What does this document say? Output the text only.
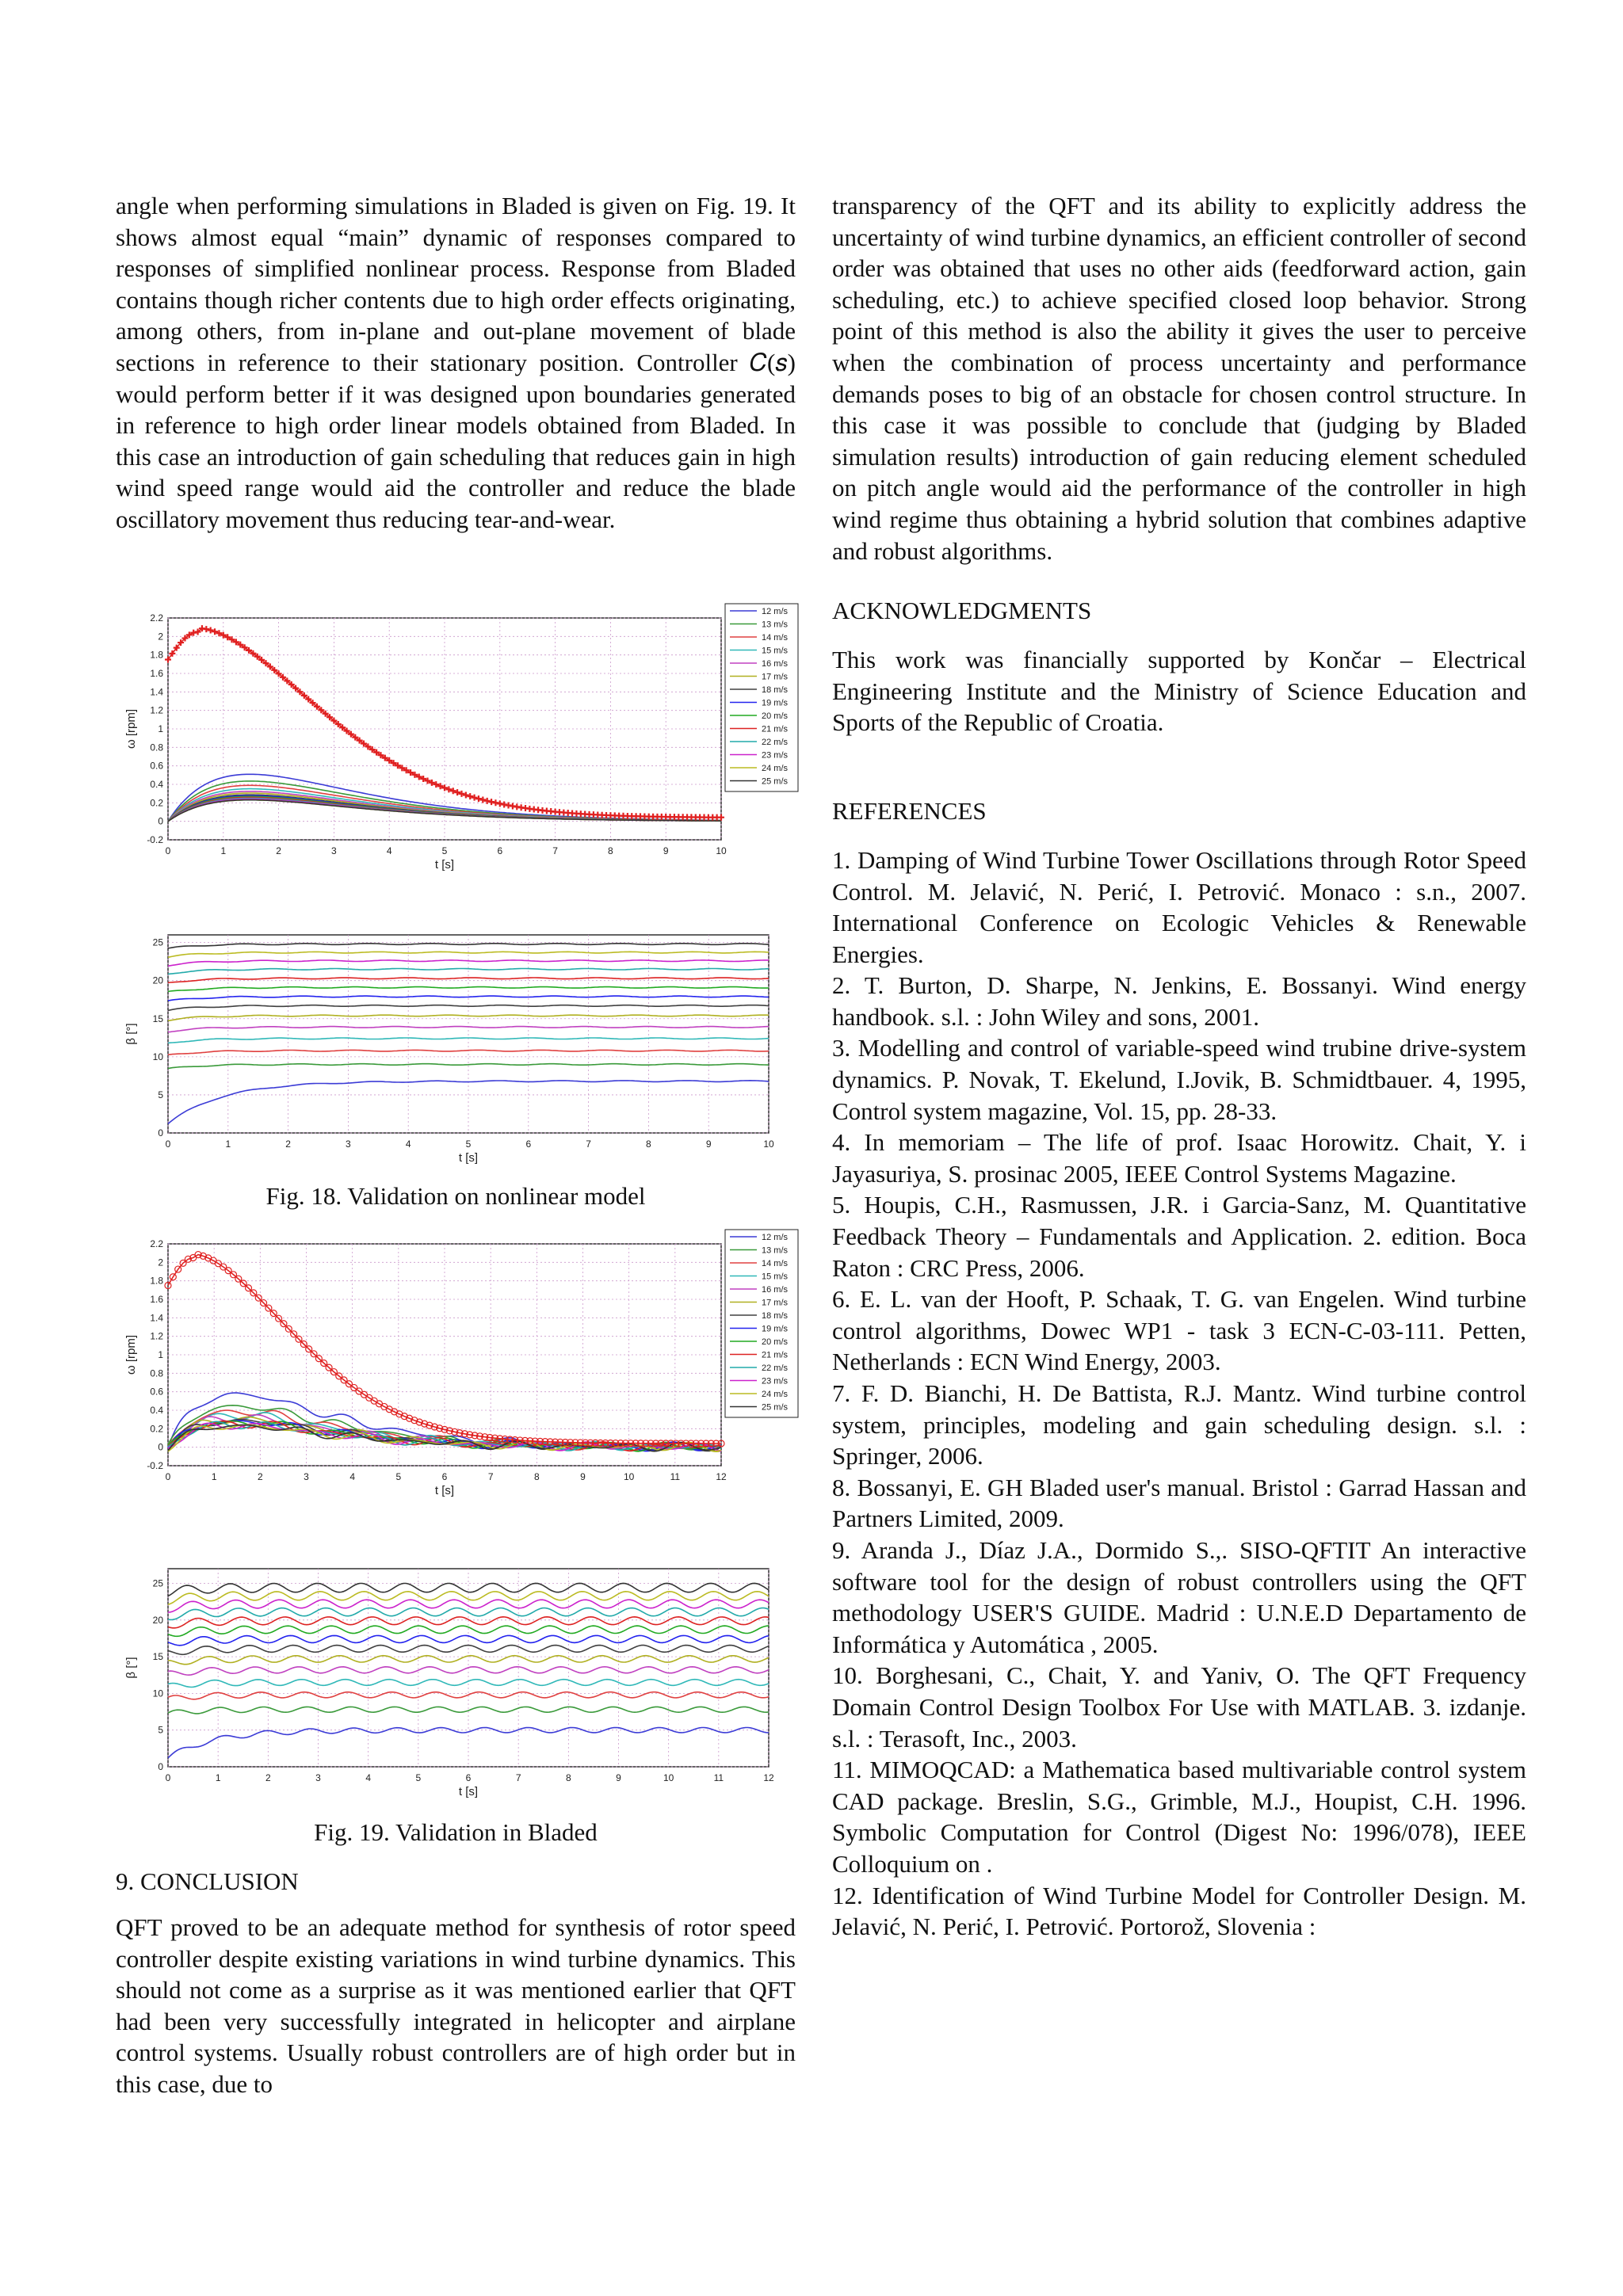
angle when performing simulations in Bladed is given on Fig. 19. It shows almost equal “main” dynamic of responses compared to responses of simplified nonlinear process. Response from Bladed contains though richer contents due to high order effects originating, among others, from in-plane and out-plane movement of blade sections in reference to their stationary position. Controller 𝐶(𝑠) would perform better if it was designed upon boundaries generated in reference to high order linear models obtained from Bladed. In this case an introduction of gain scheduling that reduces gain in high wind speed range would aid the controller and reduce the blade oscillatory movement thus reducing tear-and-wear.

0	1	2	3	4	5	6	7	8	9	10
-0.2
0
0.2
0.4
0.6
0.8
1
1.2
1.4
1.6
1.8
2
2.2
t [s]
ω [rpm]
12 m/s
13 m/s
14 m/s
15 m/s
16 m/s
17 m/s
18 m/s
19 m/s
20 m/s
21 m/s
22 m/s
23 m/s
24 m/s
25 m/s
0	1	2	3	4	5	6	7	8	9	10
0
5
10
15
20
25
t [s]
β [°]

Fig. 18. Validation on nonlinear model

0	1	2	3	4	5	6	7	8	9	10	11	12
-0.2
0
0.2
0.4
0.6
0.8
1
1.2
1.4
1.6
1.8
2
2.2
t [s]
ω [rpm]
12 m/s
13 m/s
14 m/s
15 m/s
16 m/s
17 m/s
18 m/s
19 m/s
20 m/s
21 m/s
22 m/s
23 m/s
24 m/s
25 m/s
0	1	2	3	4	5	6	7	8	9	10	11	12
0
5
10
15
20
25
t [s]
β [°]

Fig. 19. Validation in Bladed

9. CONCLUSION

QFT proved to be an adequate method for synthesis of rotor speed controller despite existing variations in wind turbine dynamics. This should not come as a surprise as it was mentioned earlier that QFT had been very successfully integrated in helicopter and airplane control systems. Usually robust controllers are of high order but in this case, due to

transparency of the QFT and its ability to explicitly address the uncertainty of wind turbine dynamics, an efficient controller of second order was obtained that uses no other aids (feedforward action, gain scheduling, etc.) to achieve specified closed loop behavior. Strong point of this method is also the ability it gives the user to perceive when the combination of process uncertainty and performance demands poses to big of an obstacle for chosen control structure. In this case it was possible to conclude that (judging by Bladed simulation results) introduction of gain reducing element scheduled on pitch angle would aid the performance of the controller in high wind regime thus obtaining a hybrid solution that combines adaptive and robust algorithms.

ACKNOWLEDGMENTS

This work was financially supported by Končar – Electrical Engineering Institute and the Ministry of Science Education and Sports of the Republic of Croatia.

REFERENCES

1. Damping of Wind Turbine Tower Oscillations through Rotor Speed Control. M. Jelavić, N. Perić, I. Petrović. Monaco : s.n., 2007. International Conference on Ecologic Vehicles & Renewable Energies.

2. T. Burton, D. Sharpe, N. Jenkins, E. Bossanyi. Wind energy handbook. s.l. : John Wiley and sons, 2001.

3. Modelling and control of variable-speed wind trubine drive-system dynamics. P. Novak, T. Ekelund, I.Jovik, B. Schmidtbauer. 4, 1995, Control system magazine, Vol. 15, pp. 28-33.

4. In memoriam – The life of prof. Isaac Horowitz. Chait, Y. i Jayasuriya, S. prosinac 2005, IEEE Control Systems Magazine.

5. Houpis, C.H., Rasmussen, J.R. i Garcia-Sanz, M. Quantitative Feedback Theory – Fundamentals and Application. 2. edition. Boca Raton : CRC Press, 2006.

6. E. L. van der Hooft, P. Schaak, T. G. van Engelen. Wind turbine control algorithms, Dowec WP1 - task 3 ECN-C-03-111. Petten, Netherlands : ECN Wind Energy, 2003.

7. F. D. Bianchi, H. De Battista, R.J. Mantz. Wind turbine control system, principles, modeling and gain scheduling design. s.l. : Springer, 2006.

8. Bossanyi, E. GH Bladed user's manual. Bristol : Garrad Hassan and Partners Limited, 2009.

9. Aranda J., Díaz J.A., Dormido S.,. SISO-QFTIT An interactive software tool for the design of robust controllers using the QFT methodology USER'S GUIDE. Madrid : U.N.E.D Departamento de Informática y Automática , 2005.

10. Borghesani, C., Chait, Y. and Yaniv, O. The QFT Frequency Domain Control Design Toolbox For Use with MATLAB. 3. izdanje. s.l. : Terasoft, Inc., 2003.

11. MIMOQCAD: a Mathematica based multivariable control system CAD package. Breslin, S.G., Grimble, M.J., Houpist, C.H. 1996. Symbolic Computation for Control (Digest No: 1996/078), IEEE Colloquium on .

12. Identification of Wind Turbine Model for Controller Design. M. Jelavić, N. Perić, I. Petrović. Portorož, Slovenia :
